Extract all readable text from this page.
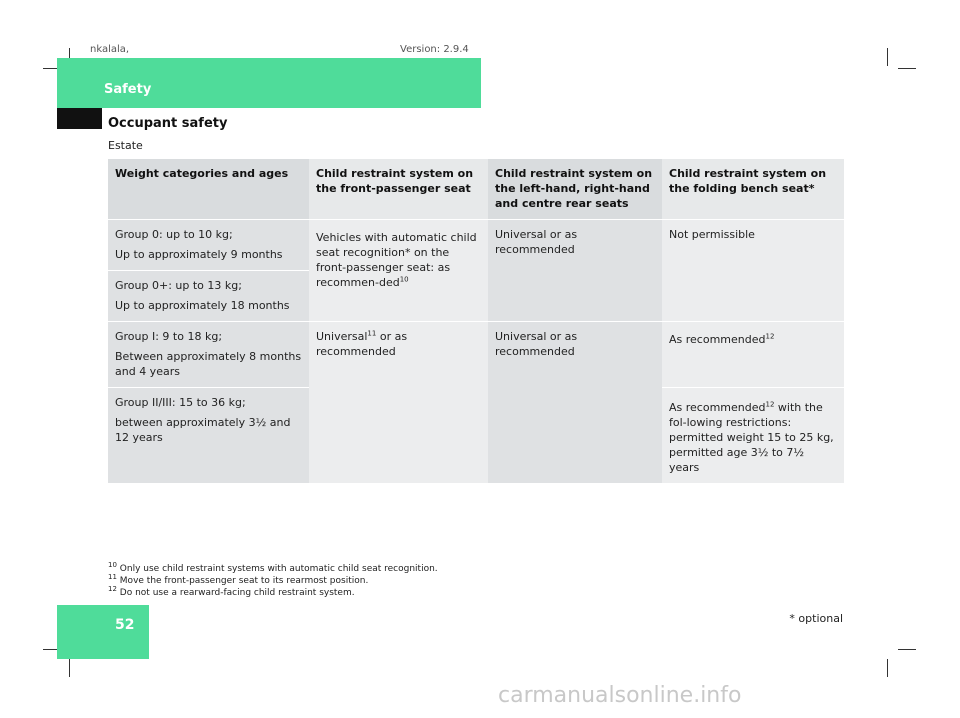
nkalala,	Version: 2.9.4
Safety
Occupant safety
Estate
Weight categories and ages	Child restraint system on the front-passenger seat	Child restraint system on the left-hand, right-hand and centre rear seats	Child restraint system on the folding bench seat*

Group 0: up to 10 kg;
Up to approximately 9 months	Vehicles with automatic child seat recognition* on the front-passenger seat: as recommen-ded$^{10}$	Universal or as recommended	Not permissible

Group 0+: up to 13 kg;
Up to approximately 18 months			

Group I: 9 to 18 kg;
Between approximately 8 months and 4 years	Universal$^{11}$ or as recommended	Universal or as recommended	As recommended$^{12}$

Group II/III: 15 to 36 kg;
between approximately 3½ and 12 years			As recommended$^{12}$ with the fol-lowing restrictions: permitted weight 15 to 25 kg, permitted age 3½ to 7½ years
$^{10}$ Only use child restraint systems with automatic child seat recognition.
$^{11}$ Move the front-passenger seat to its rearmost position.
$^{12}$ Do not use a rearward-facing child restraint system.
52	* optional
carmanualsonline.info
